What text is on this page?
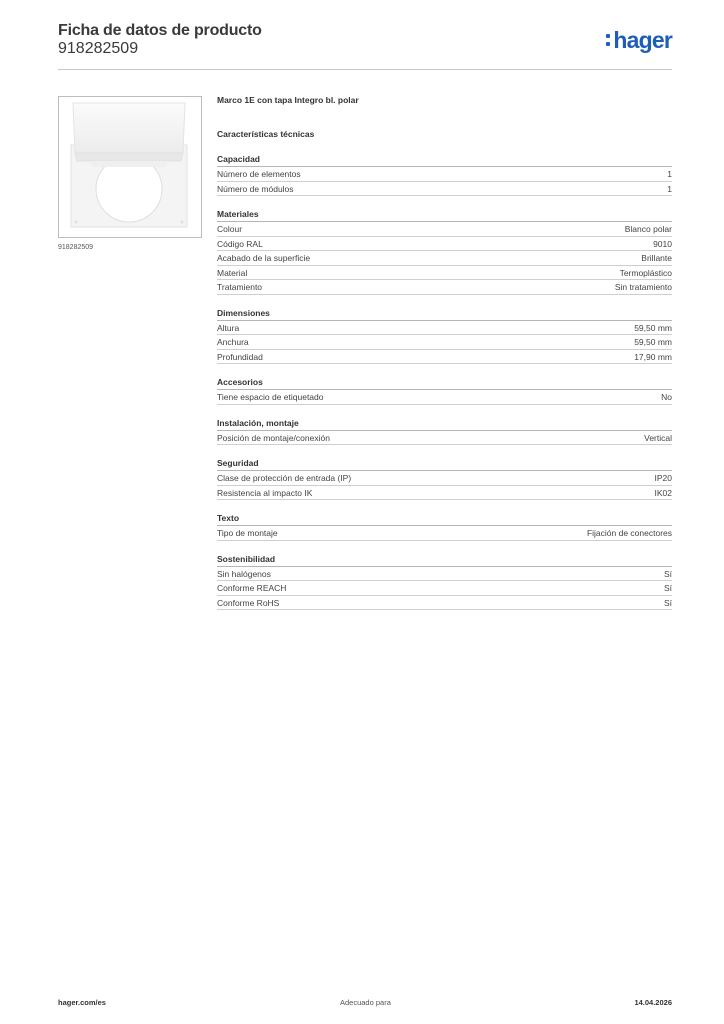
Ficha de datos de producto
918282509	hager
918282509
Marco 1E con tapa Integro bl. polar
Características técnicas
Capacidad
Número de elementos	1
Número de módulos	1
Materiales
Colour	Blanco polar
Código RAL	9010
Acabado de la superficie	Brillante
Material	Termoplástico
Tratamiento	Sin tratamiento
Dimensiones
Altura	59,50 mm
Anchura	59,50 mm
Profundidad	17,90 mm
Accesorios
Tiene espacio de etiquetado	No
Instalación, montaje
Posición de montaje/conexión	Vertical
Seguridad
Clase de protección de entrada (IP)	IP20
Resistencia al impacto IK	IK02
Texto
Tipo de montaje	Fijación de conectores
Sostenibilidad
Sin halógenos	Sí
Conforme REACH	Sí
Conforme RoHS	Sí
hager.com/es	Adecuado para	14.04.2026
